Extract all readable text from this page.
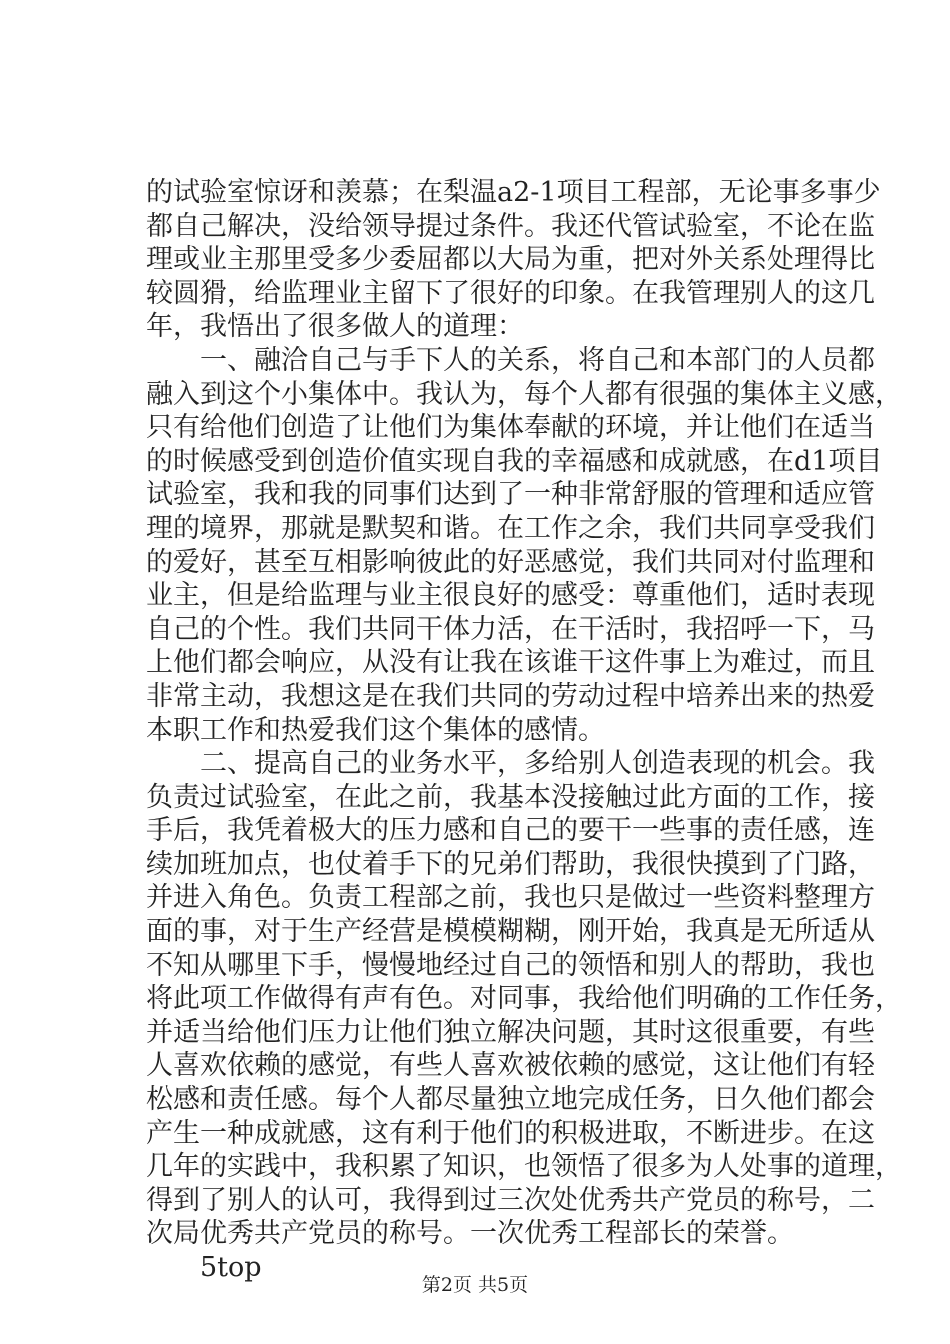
的试验室惊讶和羡慕；在梨温a2-1项目工程部，无论事多事少
都自己解决，没给领导提过条件。我还代管试验室，不论在监
理或业主那里受多少委屈都以大局为重，把对外关系处理得比
较圆猾，给监理业主留下了很好的印象。在我管理别人的这几
年，我悟出了很多做人的道理：
　　一、融洽自己与手下人的关系，将自己和本部门的人员都
融入到这个小集体中。我认为，每个人都有很强的集体主义感，
只有给他们创造了让他们为集体奉献的环境，并让他们在适当
的时候感受到创造价值实现自我的幸福感和成就感，在d1项目
试验室，我和我的同事们达到了一种非常舒服的管理和适应管
理的境界，那就是默契和谐。在工作之余，我们共同享受我们
的爱好，甚至互相影响彼此的好恶感觉，我们共同对付监理和
业主，但是给监理与业主很良好的感受：尊重他们，适时表现
自己的个性。我们共同干体力活，在干活时，我招呼一下，马
上他们都会响应，从没有让我在该谁干这件事上为难过，而且
非常主动，我想这是在我们共同的劳动过程中培养出来的热爱
本职工作和热爱我们这个集体的感情。
　　二、提高自己的业务水平，多给别人创造表现的机会。我
负责过试验室，在此之前，我基本没接触过此方面的工作，接
手后，我凭着极大的压力感和自己的要干一些事的责任感，连
续加班加点，也仗着手下的兄弟们帮助，我很快摸到了门路，
并进入角色。负责工程部之前，我也只是做过一些资料整理方
面的事，对于生产经营是模模糊糊，刚开始，我真是无所适从
不知从哪里下手，慢慢地经过自己的领悟和别人的帮助，我也
将此项工作做得有声有色。对同事，我给他们明确的工作任务，
并适当给他们压力让他们独立解决问题，其时这很重要，有些
人喜欢依赖的感觉，有些人喜欢被依赖的感觉，这让他们有轻
松感和责任感。每个人都尽量独立地完成任务，日久他们都会
产生一种成就感，这有利于他们的积极进取，不断进步。在这
几年的实践中，我积累了知识，也领悟了很多为人处事的道理，
得到了别人的认可，我得到过三次处优秀共产党员的称号，二
次局优秀共产党员的称号。一次优秀工程部长的荣誉。
　　5top
第2页 共5页
